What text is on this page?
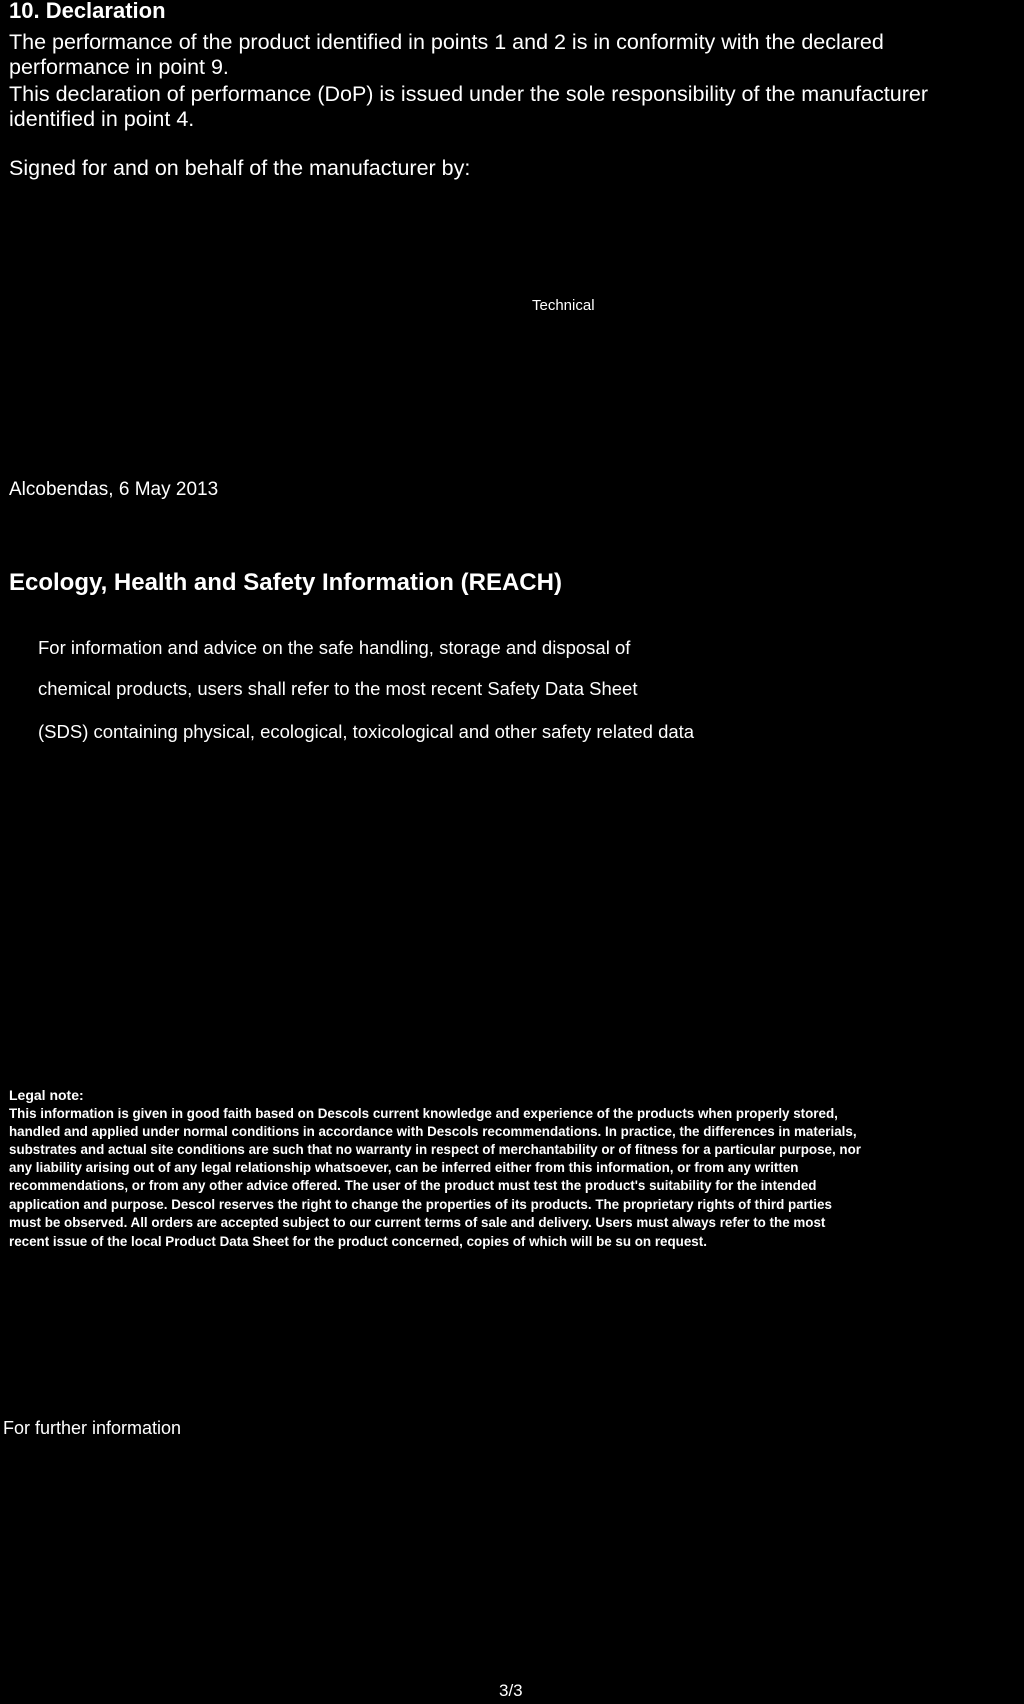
10. Declaration
The performance of the product identified in points 1 and 2 is in conformity with the declared performance in point 9.
This declaration of performance (DoP) is issued under the sole responsibility of the manufacturer identified in point 4.
Signed for and on behalf of the manufacturer by:
Technical
Alcobendas, 6 May 2013
Ecology, Health and Safety Information (REACH)
For information and advice on the safe handling, storage and disposal of
chemical products, users shall refer to the most recent Safety Data Sheet
(SDS) containing physical, ecological, toxicological and other safety related data
Legal note:
This information is given in good faith based on Descols current knowledge and experience of the products when properly stored,
handled and applied under normal conditions in accordance with Descols recommendations. In practice, the differences in materials,
substrates and actual site conditions are such that no warranty in respect of merchantability or of fitness for a particular purpose, nor
any liability arising out of any legal relationship whatsoever, can be inferred either from this information, or from any written
recommendations, or from any other advice offered. The user of the product must test the product's suitability for the intended
application and purpose. Descol reserves the right to change the properties of its products. The proprietary rights of third parties
must be observed. All orders are accepted subject to our current terms of sale and delivery. Users must always refer to the most
recent issue of the local Product Data Sheet for the product concerned, copies of which will be su on request.
For further information
3/3
